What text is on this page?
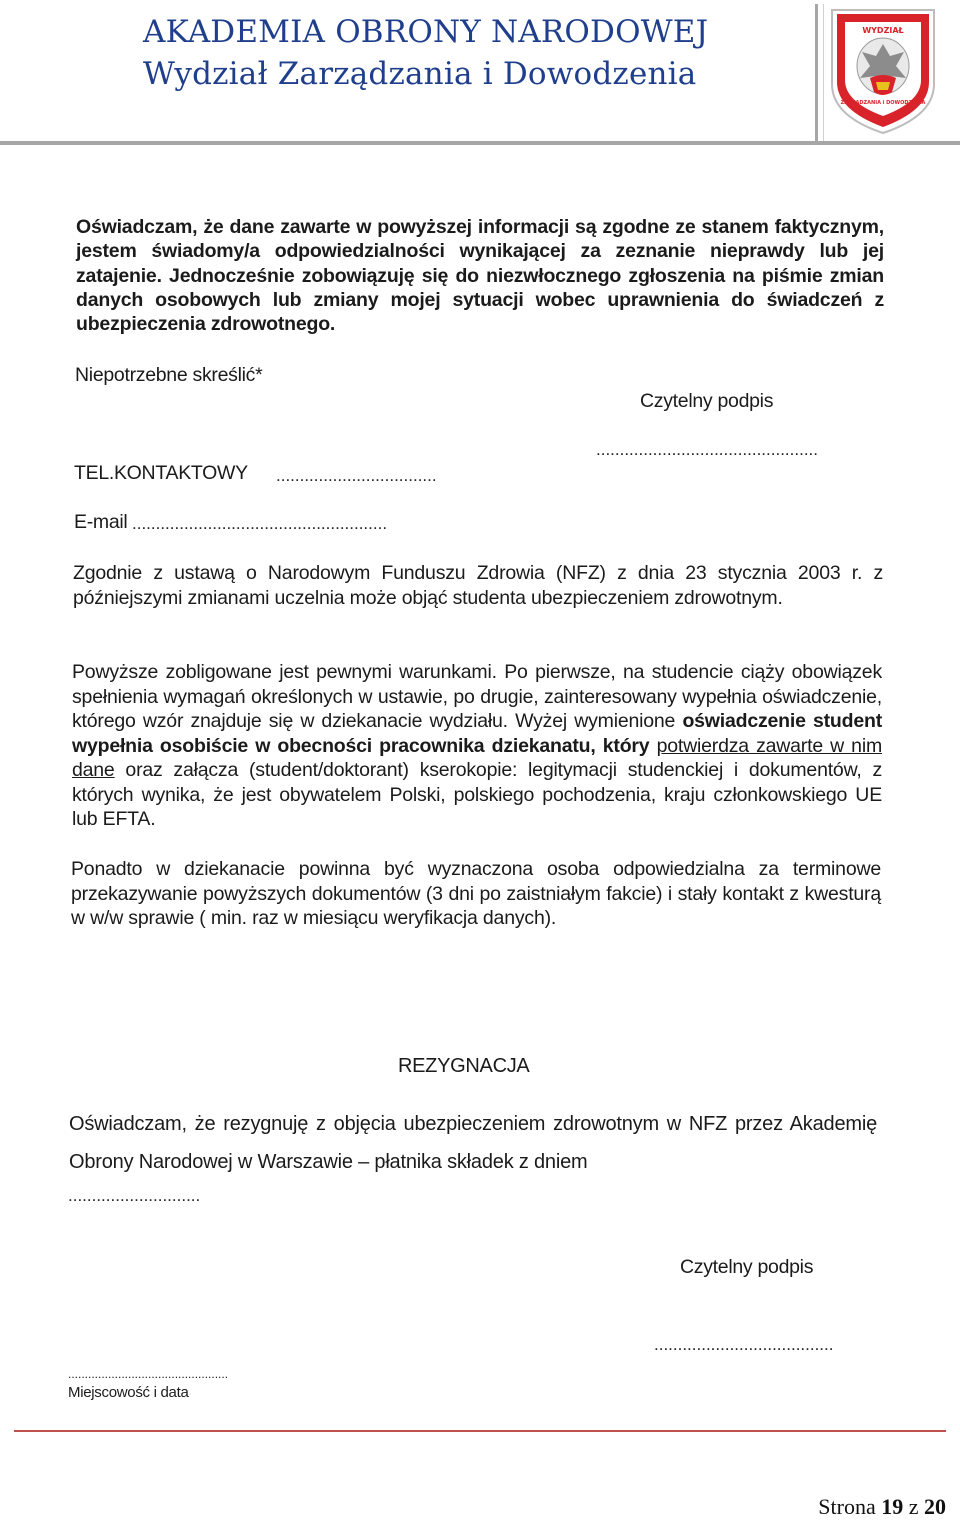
AKADEMIA OBRONY NARODOWEJ
Wydział Zarządzania i Dowodzenia
WYDZIAŁ
ZARZĄDZANIA i DOWODZENIA
Oświadczam, że dane zawarte w powyższej informacji są zgodne ze stanem faktycznym, jestem świadomy/a odpowiedzialności wynikającej za zeznanie nieprawdy lub jej zatajenie. Jednocześnie zobowiązuję się do niezwłocznego zgłoszenia na piśmie zmian danych osobowych lub zmiany mojej sytuacji wobec uprawnienia do świadczeń z ubezpieczenia zdrowotnego.
Niepotrzebne skreślić*
Czytelny podpis
...............................................
TEL.KONTAKTOWY ..................................
E-mail ......................................................
Zgodnie z ustawą o Narodowym Funduszu Zdrowia (NFZ) z dnia 23 stycznia 2003 r. z późniejszymi zmianami uczelnia może objąć studenta ubezpieczeniem zdrowotnym.
Powyższe zobligowane jest pewnymi warunkami. Po pierwsze, na studencie ciąży obowiązek spełnienia wymagań określonych w ustawie, po drugie, zainteresowany wypełnia oświadczenie, którego wzór znajduje się w dziekanacie wydziału. Wyżej wymienione oświadczenie student wypełnia osobiście w obecności pracownika dziekanatu, który potwierdza zawarte w nim dane oraz załącza (student/doktorant) kserokopie: legitymacji studenckiej i dokumentów, z których wynika, że jest obywatelem Polski, polskiego pochodzenia, kraju członkowskiego UE lub EFTA.
Ponadto w dziekanacie powinna być wyznaczona osoba odpowiedzialna za terminowe przekazywanie powyższych dokumentów (3 dni po zaistniałym fakcie) i stały kontakt z kwesturą w w/w sprawie ( min. raz w miesiącu weryfikacja danych).
REZYGNACJA
Oświadczam, że rezygnuję z objęcia ubezpieczeniem zdrowotnym w NFZ przez Akademię Obrony Narodowej w Warszawie – płatnika składek z dniem
............................
Czytelny podpis
......................................
................................................
Miejscowość i data
Strona 19 z 20
